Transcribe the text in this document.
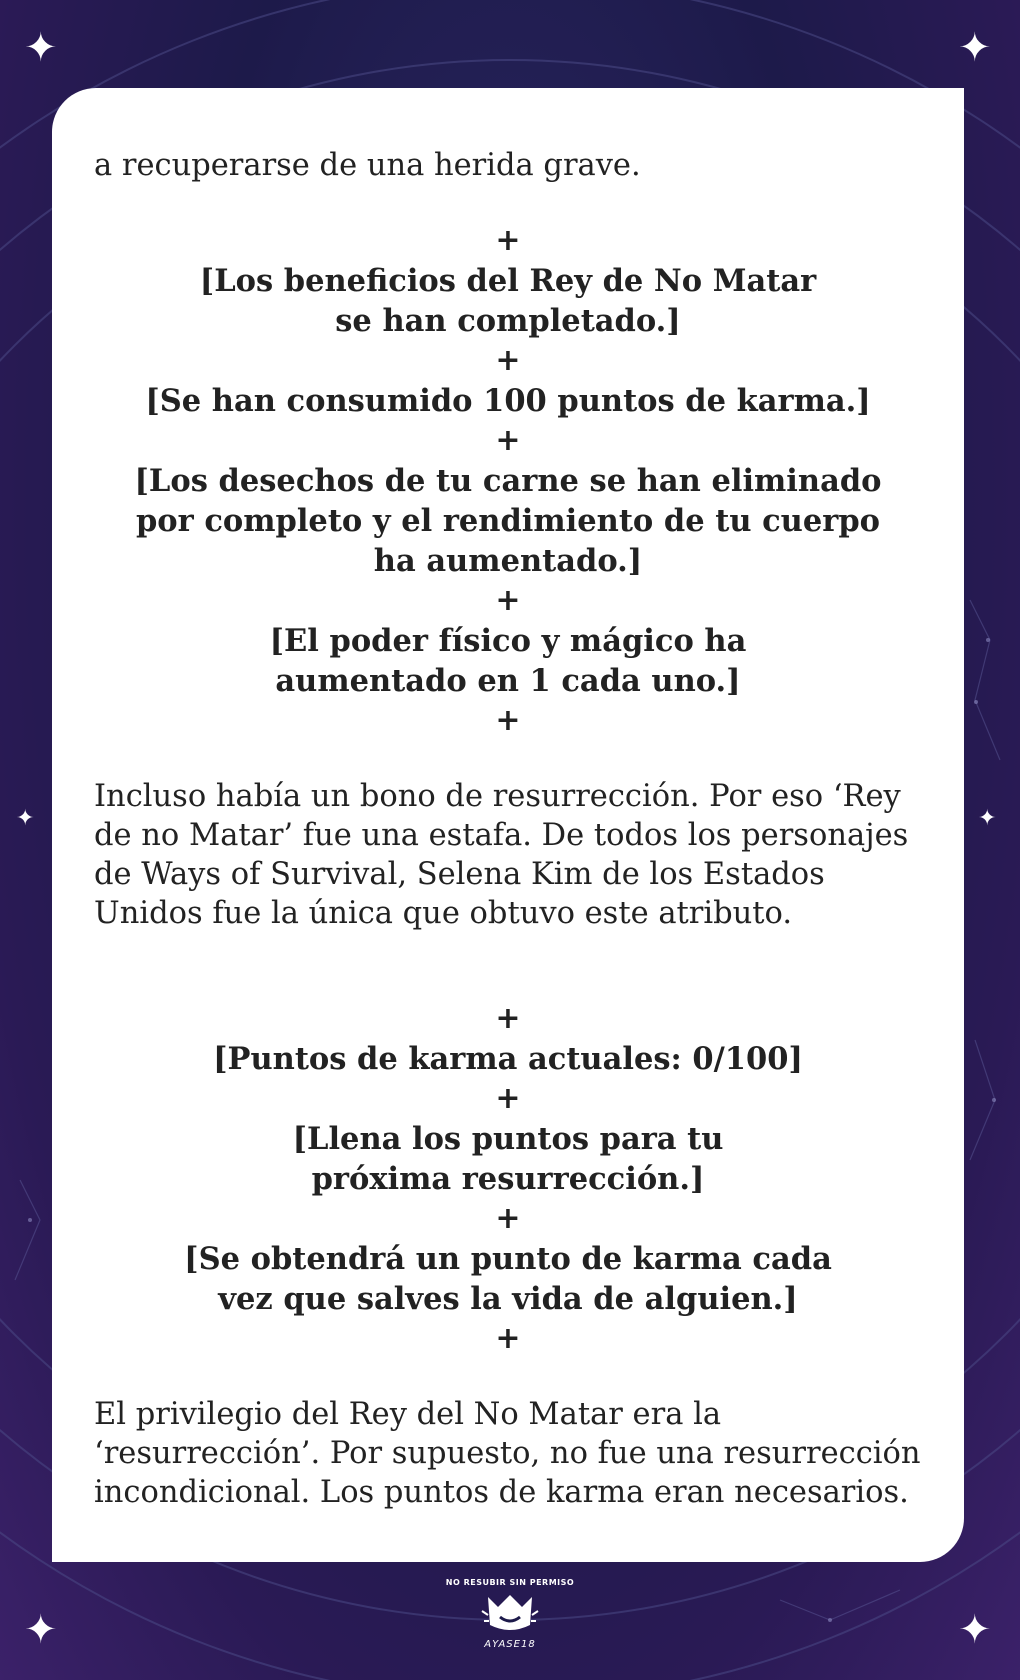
✦	✦
✦	✦
✦	✦

a recuperarse de una herida grave.

+

[Los beneficios del Rey de No Matar se han completado.]

+

[Se han consumido 100 puntos de karma.]

+

[Los desechos de tu carne se han eliminado por completo y el rendimiento de tu cuerpo ha aumentado.]

+

[El poder físico y mágico ha aumentado en 1 cada uno.]

+

Incluso había un bono de resurrección. Por eso ‘Rey de no Matar’ fue una estafa. De todos los personajes de Ways of Survival, Selena Kim de los Estados Unidos fue la única que obtuvo este atributo.

+

[Puntos de karma actuales: 0/100]

+

[Llena los puntos para tu próxima resurrección.]

+

[Se obtendrá un punto de karma cada vez que salves la vida de alguien.]

+

El privilegio del Rey del No Matar era la ‘resurrección’. Por supuesto, no fue una resurrección incondicional. Los puntos de karma eran necesarios.

NO RESUBIR SIN PERMISO
AYASE18
